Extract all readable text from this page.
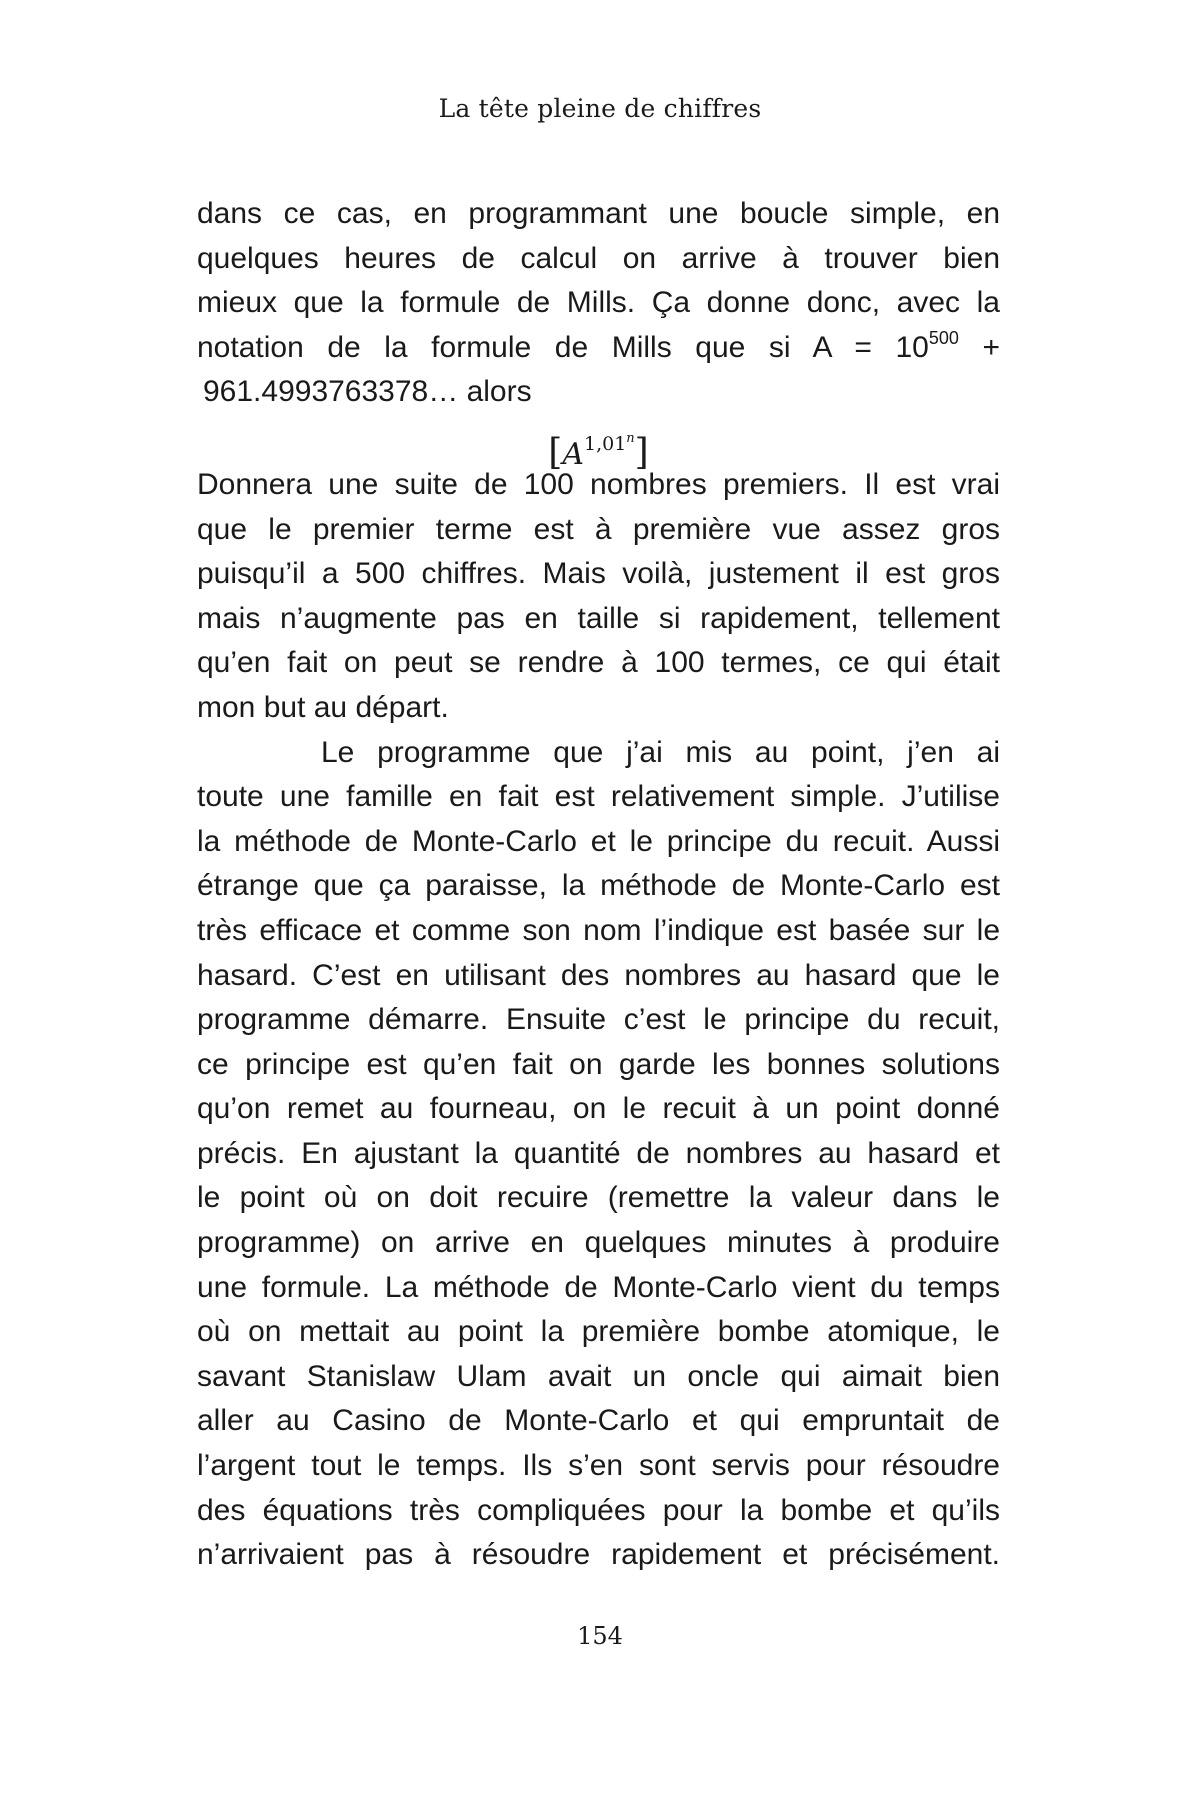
La tête pleine de chiffres

dans ce cas, en programmant une boucle simple, en
quelques heures de calcul on arrive à trouver bien
mieux que la formule de Mills. Ça donne donc, avec la
notation de la formule de Mills que si $A = 10^{500}$ +
961.4993763378… alors

$[A^{1,01n}]$

Donnera une suite de 100 nombres premiers. Il est vrai
que le premier terme est à première vue assez gros
puisqu’il a 500 chiffres. Mais voilà, justement il est gros
mais n’augmente pas en taille si rapidement, tellement
qu’en fait on peut se rendre à 100 termes, ce qui était
mon but au départ.

Le programme que j’ai mis au point, j’en ai
toute une famille en fait est relativement simple. J’utilise
la méthode de Monte-Carlo et le principe du recuit. Aussi
étrange que ça paraisse, la méthode de Monte-Carlo est
très efficace et comme son nom l’indique est basée sur le
hasard. C’est en utilisant des nombres au hasard que le
programme démarre. Ensuite c’est le principe du recuit,
ce principe est qu’en fait on garde les bonnes solutions
qu’on remet au fourneau, on le recuit à un point donné
précis. En ajustant la quantité de nombres au hasard et
le point où on doit recuire (remettre la valeur dans le
programme) on arrive en quelques minutes à produire
une formule. La méthode de Monte-Carlo vient du temps
où on mettait au point la première bombe atomique, le
savant Stanislaw Ulam avait un oncle qui aimait bien
aller au Casino de Monte-Carlo et qui empruntait de
l’argent tout le temps. Ils s’en sont servis pour résoudre
des équations très compliquées pour la bombe et qu’ils
n’arrivaient pas à résoudre rapidement et précisément.

154
